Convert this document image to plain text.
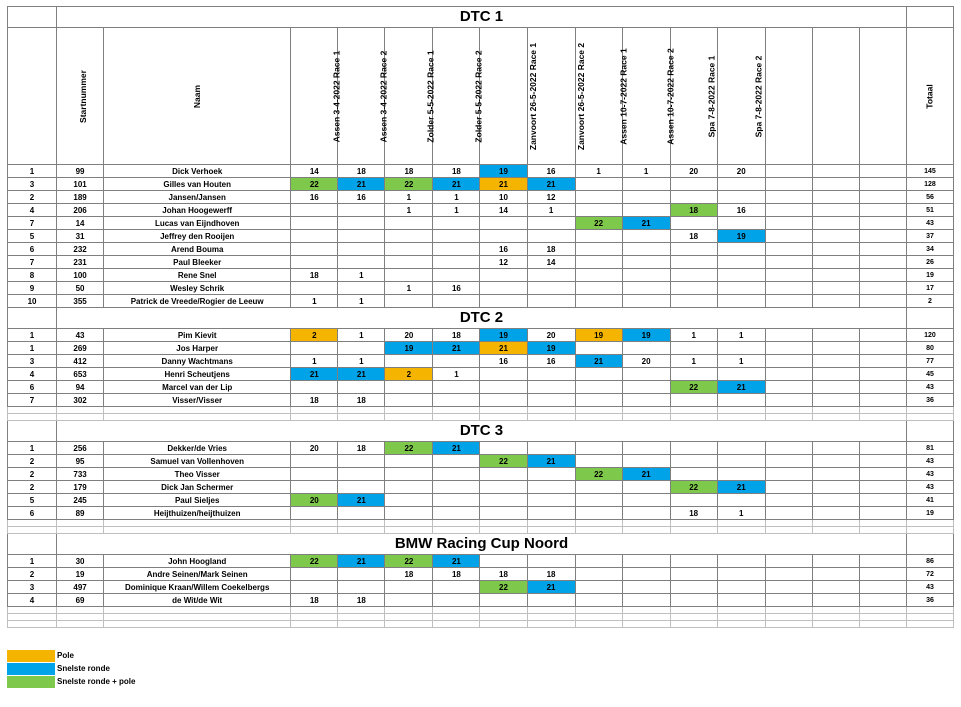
	DTC 1															
	Startnummer	Naam	Assen 3-4-2022 Race 1	Assen 3-4-2022 Race 2	Zolder 5-5-2022 Race 1	Zolder 5-5-2022 Race 2	Zanvoort 26-5-2022 Race 1	Zanvoort 26-5-2022 Race 2	Assen 10-7-2022 Race 1	Assen 10-7-2022 Race 2	Spa 7-8-2022 Race 1	Spa 7-8-2022 Race 2				Totaal
1	99	Dick Verhoek	14	18	18	18	19	16	1	1	20	20				145
3	101	Gilles van Houten	22	21	22	21	21	21								128
2	189	Jansen/Jansen	16	16	1	1	10	12								56
4	206	Johan Hoogewerff			1	1	14	1			18	16				51
7	14	Lucas van Eijndhoven							22	21						43
5	31	Jeffrey den Rooijen									18	19				37
6	232	Arend Bouma					16	18								34
7	231	Paul Bleeker					12	14								26
8	100	Rene Snel	18	1												19
9	50	Wesley Schrik			1	16										17
10	355	Patrick de Vreede/Rogier de Leeuw	1	1												2
	DTC 2															
1	43	Pim Kievit	2	1	20	18	19	20	19	19	1	1				120
1	269	Jos Harper			19	21	21	19								80
3	412	Danny Wachtmans	1	1			16	16	21	20	1	1				77
4	653	Henri Scheutjens	21	21	2	1										45
6	94	Marcel van der Lip									22	21				43
7	302	Visser/Visser	18	18												36

	DTC 3															
1	256	Dekker/de Vries	20	18	22	21										81
2	95	Samuel van Vollenhoven					22	21								43
2	733	Theo Visser							22	21						43
2	179	Dick Jan Schermer									22	21				43
5	245	Paul Sieljes	20	21												41
6	89	Heijthuizen/heijthuizen									18	1				19

	BMW Racing Cup Noord															
1	30	John Hoogland	22	21	22	21										86
2	19	Andre Seinen/Mark Seinen			18	18	18	18								72
3	497	Dominique Kraan/Willem Coekelbergs					22	21								43
4	69	de Wit/de Wit	18	18												36

Pole
Snelste ronde
Snelste ronde + pole
